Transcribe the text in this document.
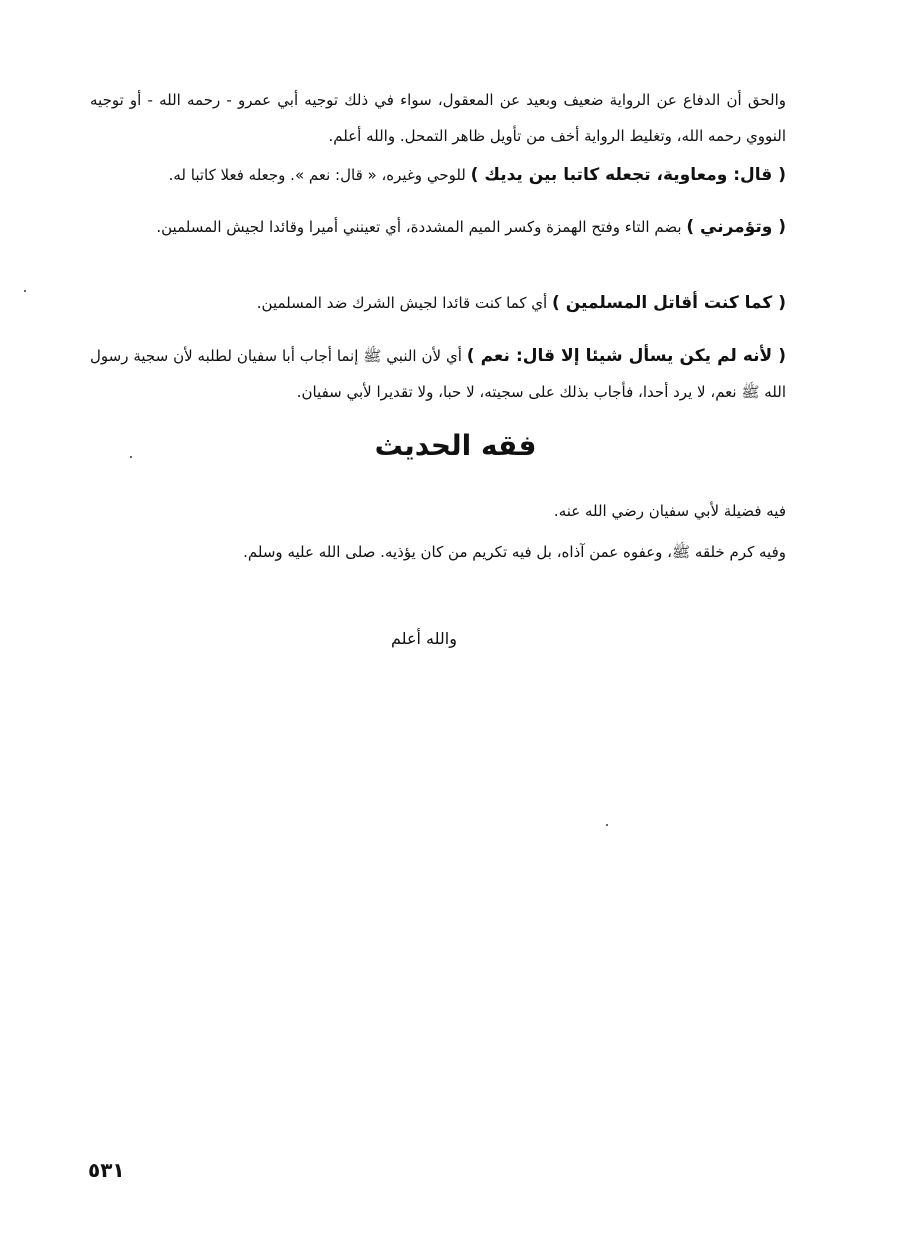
والحق أن الدفاع عن الرواية ضعيف وبعيد عن المعقول، سواء في ذلك توجيه أبي عمرو - رحمه الله - أو توجيه النووي رحمه الله، وتغليط الرواية أخف من تأويل ظاهر التمحل. والله أعلم.

( قال: ومعاوية، تجعله كاتبا بين يديك ) للوحي وغيره، « قال: نعم ». وجعله فعلا كاتبا له.

( وتؤمرني ) بضم التاء وفتح الهمزة وكسر الميم المشددة، أي تعينني أميرا وقائدا لجيش المسلمين.

( كما كنت أقاتل المسلمين ) أي كما كنت قائدا لجيش الشرك ضد المسلمين.

( لأنه لم يكن يسأل شيئا إلا قال: نعم ) أي لأن النبي ﷺ إنما أجاب أبا سفيان لطلبه لأن سجية رسول الله ﷺ نعم، لا يرد أحدا، فأجاب بذلك على سجيته، لا حبا، ولا تقديرا لأبي سفيان.

فقه الحديث

فيه فضيلة لأبي سفيان رضي الله عنه.

وفيه كرم خلقه ﷺ، وعفوه عمن آذاه، بل فيه تكريم من كان يؤذيه. صلى الله عليه وسلم.

والله أعلم

٥٣١
